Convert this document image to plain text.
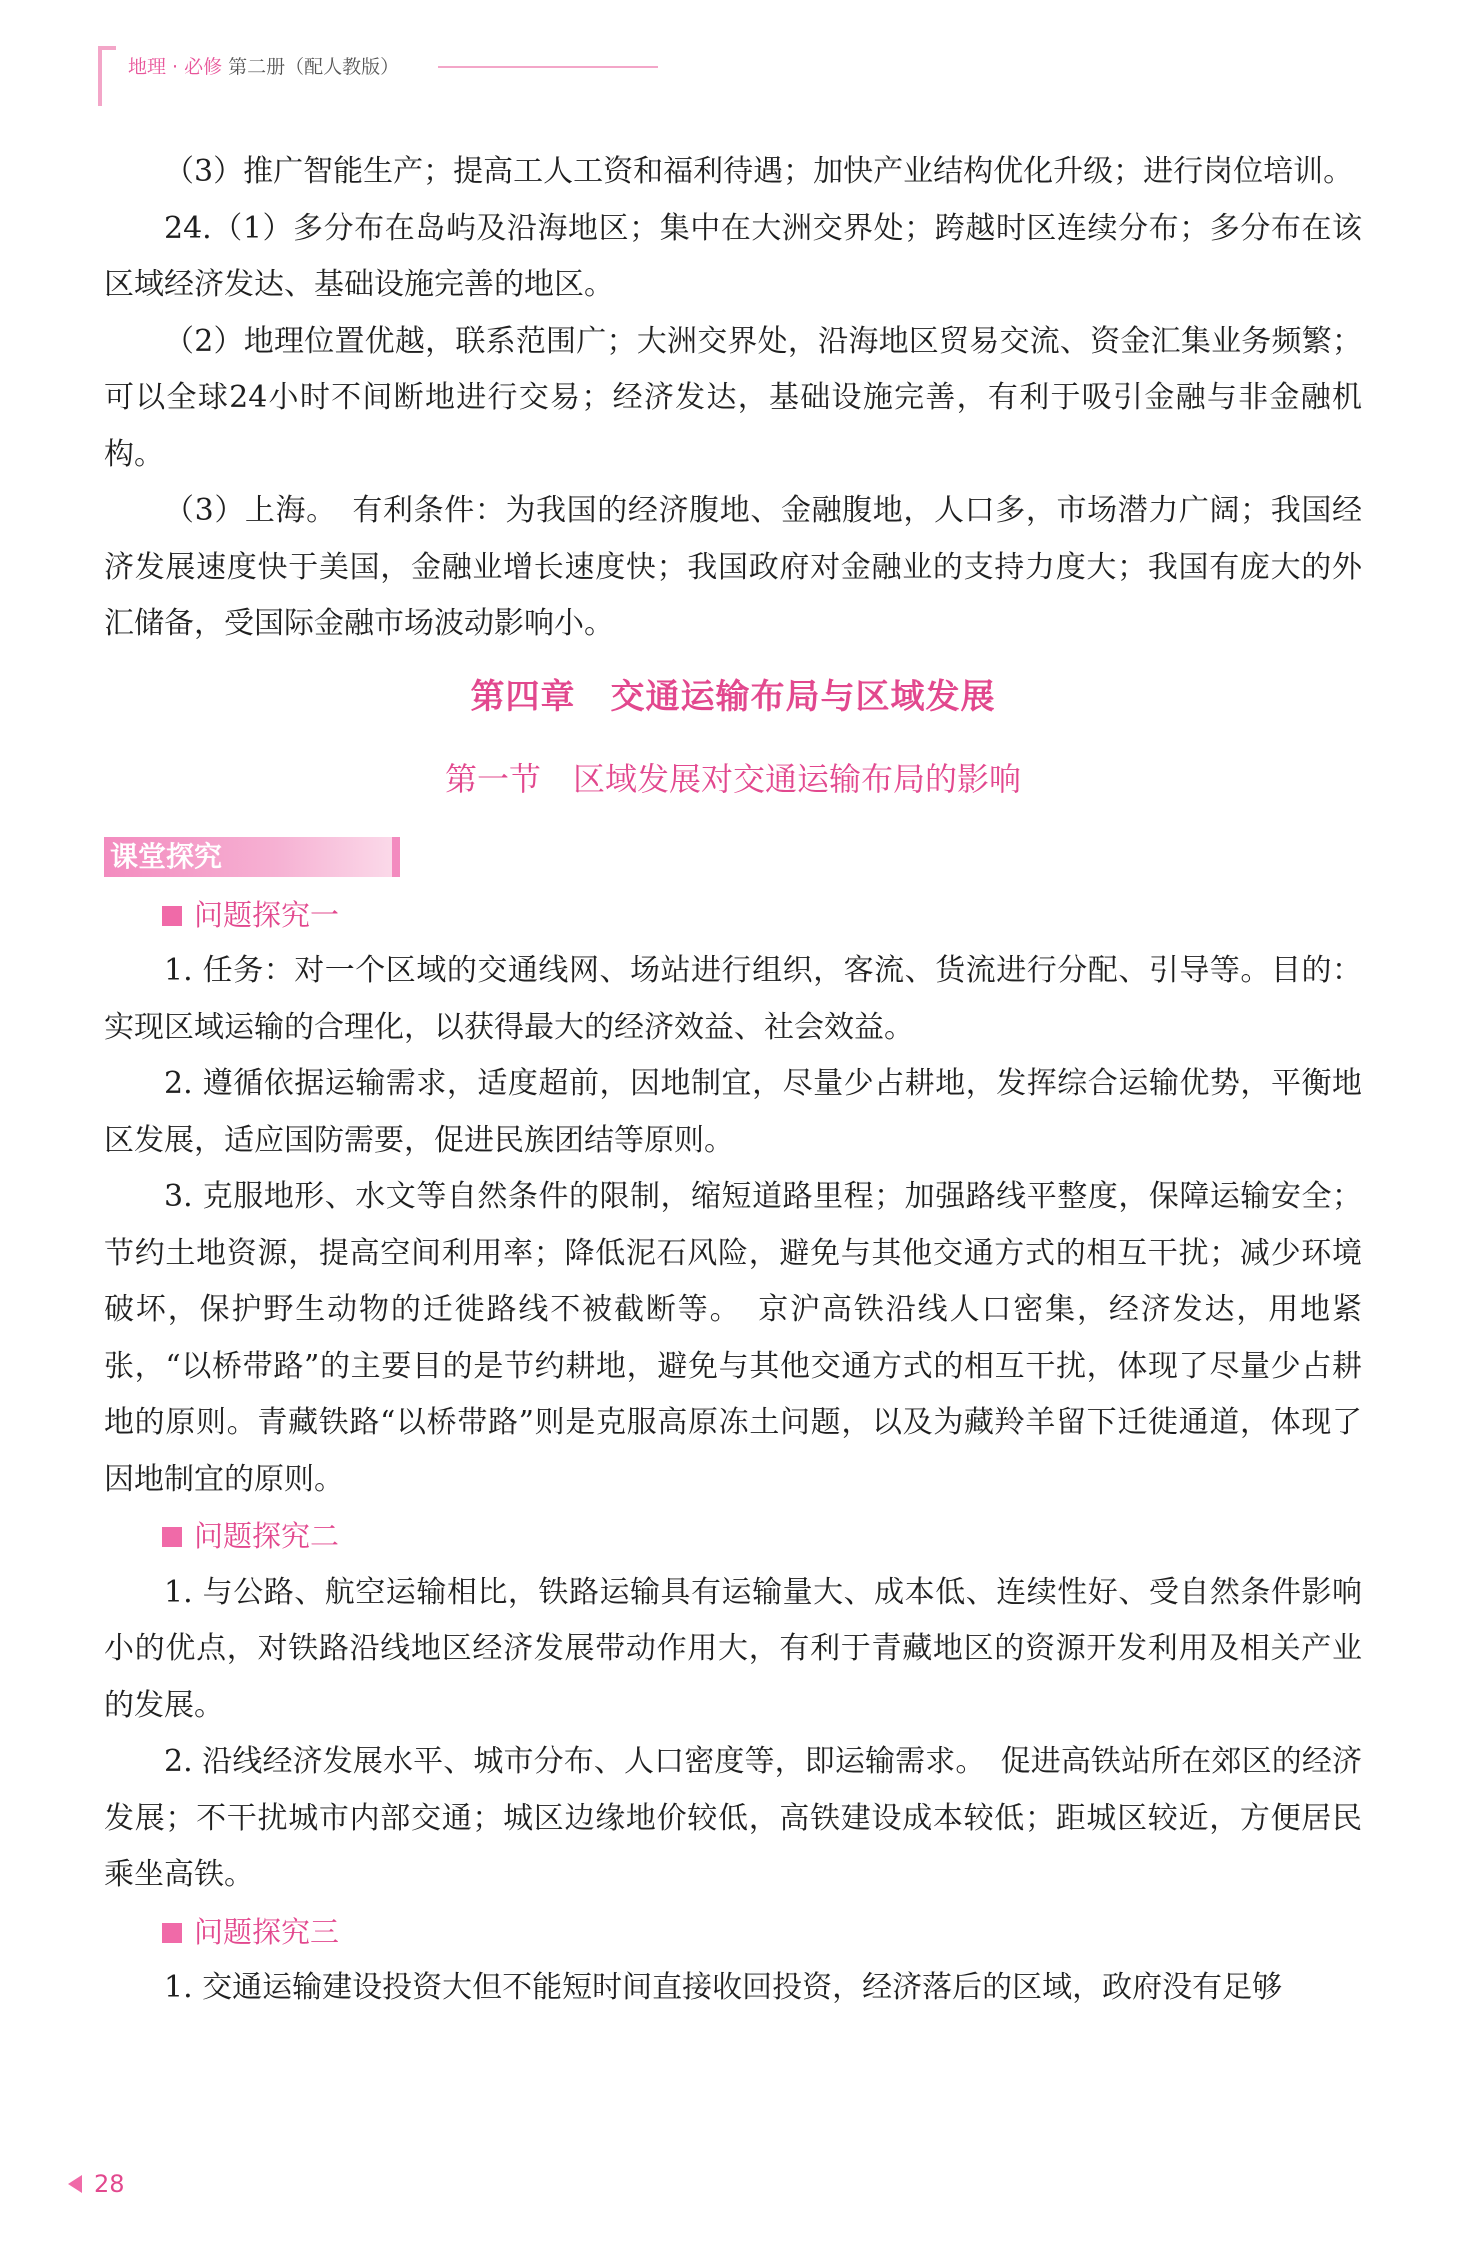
地理 · 必修 第二册（配人教版）

（3）推广智能生产；提高工人工资和福利待遇；加快产业结构优化升级；进行岗位培训。

24.（1）多分布在岛屿及沿海地区；集中在大洲交界处；跨越时区连续分布；多分布在该区域经济发达、基础设施完善的地区。

（2）地理位置优越，联系范围广；大洲交界处，沿海地区贸易交流、资金汇集业务频繁；可以全球24小时不间断地进行交易；经济发达，基础设施完善，有利于吸引金融与非金融机构。

（3）上海。　有利条件：为我国的经济腹地、金融腹地，人口多，市场潜力广阔；我国经济发展速度快于美国，金融业增长速度快；我国政府对金融业的支持力度大；我国有庞大的外汇储备，受国际金融市场波动影响小。

第四章　交通运输布局与区域发展
第一节　区域发展对交通运输布局的影响
课堂探究
问题探究一

1. 任务：对一个区域的交通线网、场站进行组织，客流、货流进行分配、引导等。目的：实现区域运输的合理化，以获得最大的经济效益、社会效益。

2. 遵循依据运输需求，适度超前，因地制宜，尽量少占耕地，发挥综合运输优势，平衡地区发展，适应国防需要，促进民族团结等原则。

3. 克服地形、水文等自然条件的限制，缩短道路里程；加强路线平整度，保障运输安全；节约土地资源，提高空间利用率；降低泥石风险，避免与其他交通方式的相互干扰；减少环境破坏，保护野生动物的迁徙路线不被截断等。　京沪高铁沿线人口密集，经济发达，用地紧张，“以桥带路”的主要目的是节约耕地，避免与其他交通方式的相互干扰，体现了尽量少占耕地的原则。青藏铁路“以桥带路”则是克服高原冻土问题，以及为藏羚羊留下迁徙通道，体现了因地制宜的原则。

问题探究二

1. 与公路、航空运输相比，铁路运输具有运输量大、成本低、连续性好、受自然条件影响小的优点，对铁路沿线地区经济发展带动作用大，有利于青藏地区的资源开发利用及相关产业的发展。

2. 沿线经济发展水平、城市分布、人口密度等，即运输需求。　促进高铁站所在郊区的经济发展；不干扰城市内部交通；城区边缘地价较低，高铁建设成本较低；距城区较近，方便居民乘坐高铁。

问题探究三

1. 交通运输建设投资大但不能短时间直接收回投资，经济落后的区域，政府没有足够

28
